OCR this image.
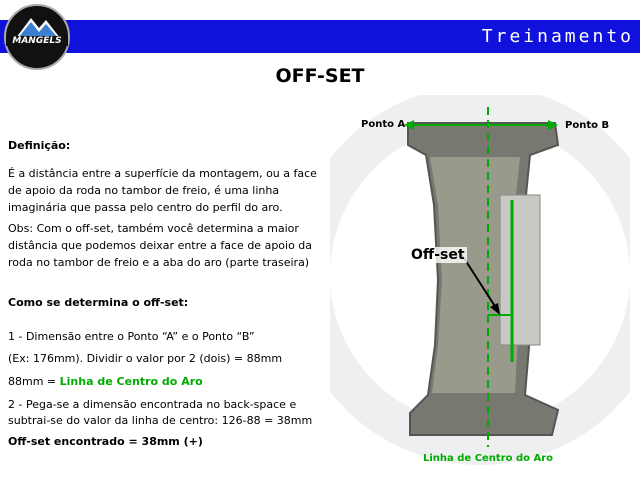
Treinamento
MANGELS
OFF-SET
Definição:
É a distância entre a superfície da montagem, ou a face
de apoio da roda no tambor de freio, é uma linha
imaginária que passa pelo centro do perfil do aro.
Obs: Com o off-set, também você determina a maior
distância que podemos deixar entre a face de apoio da
roda no tambor de freio e a aba do aro (parte traseira)
Como se determina o off-set:
1 - Dimensão entre o Ponto “A” e o Ponto “B”
(Ex: 176mm). Dividir o valor por 2 (dois) = 88mm
88mm = Linha de Centro do Aro
2 - Pega-se a dimensão encontrada no back-space e
subtrai-se do valor da linha de centro: 126-88 = 38mm
Off-set encontrado = 38mm (+)
Ponto A	Ponto B
Off-set
Linha de Centro do Aro
